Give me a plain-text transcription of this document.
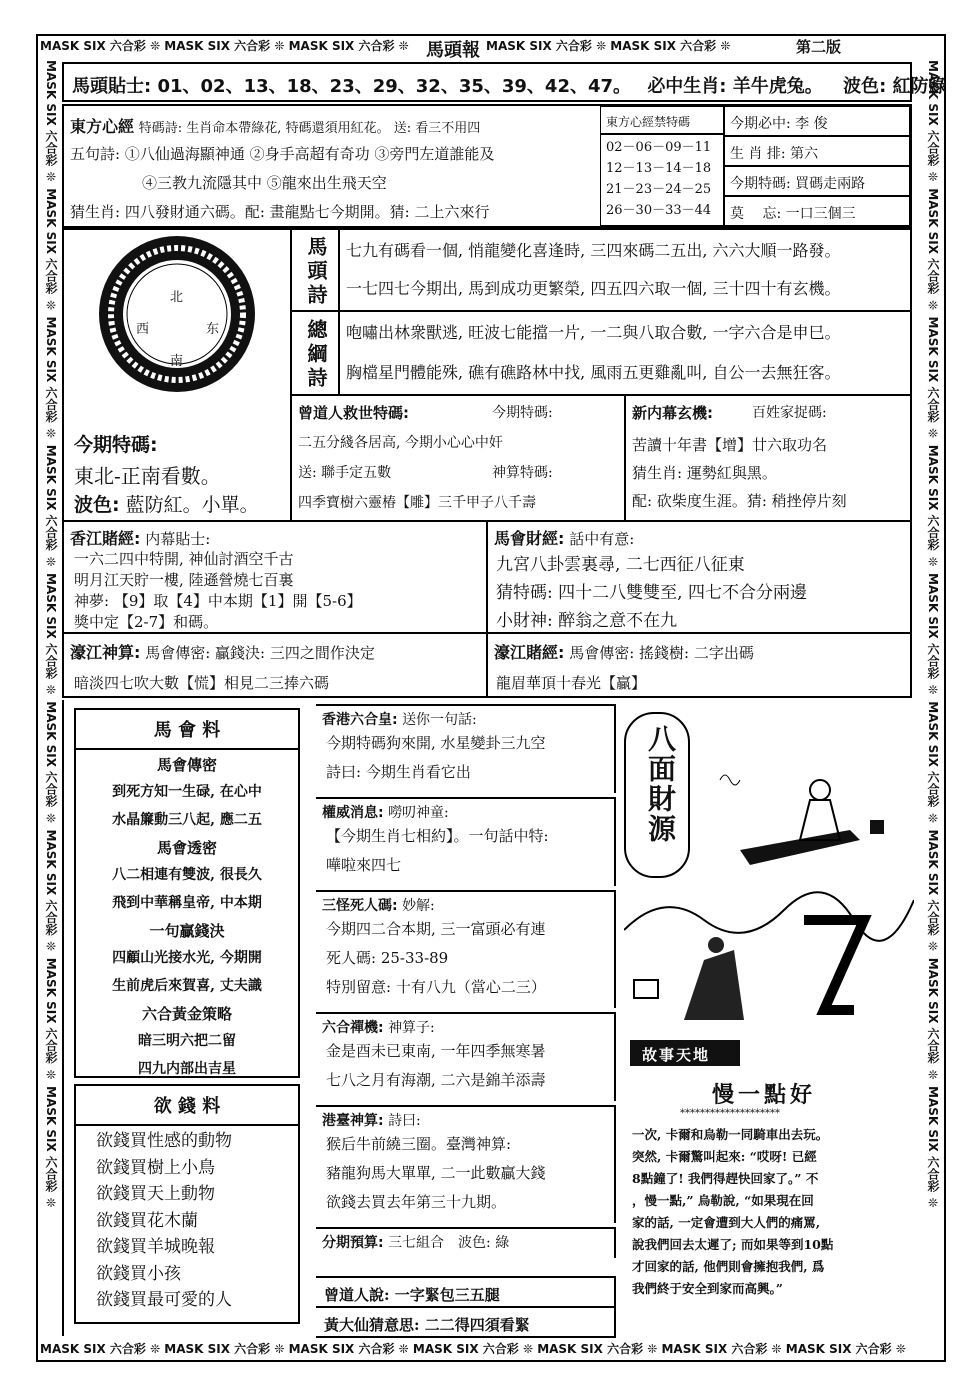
MASK SIX 六合彩 ❊ MASK SIX 六合彩 ❊ MASK SIX 六合彩 ❊	MASK SIX 六合彩 ❊ MASK SIX 六合彩 ❊
MASK SIX 六合彩 ❊ MASK SIX 六合彩 ❊ MASK SIX 六合彩 ❊ MASK SIX 六合彩 ❊ MASK SIX 六合彩 ❊ MASK SIX 六合彩 ❊ MASK SIX 六合彩 ❊
MASK SIX 六合彩 ❊ MASK SIX 六合彩 ❊ MASK SIX 六合彩 ❊ MASK SIX 六合彩 ❊ MASK SIX 六合彩 ❊ MASK SIX 六合彩 ❊ MASK SIX 六合彩 ❊ MASK SIX 六合彩 ❊ MASK SIX 六合彩 ❊
MASK SIX 六合彩 ❊ MASK SIX 六合彩 ❊ MASK SIX 六合彩 ❊ MASK SIX 六合彩 ❊ MASK SIX 六合彩 ❊ MASK SIX 六合彩 ❊ MASK SIX 六合彩 ❊ MASK SIX 六合彩 ❊ MASK SIX 六合彩 ❊
馬頭報	第二版
馬頭貼士: 01、02、13、18、23、29、32、35、39、42、47。 必中生肖: 羊牛虎兔。 波色: 紅防綠
東方心經 特碼詩: 生肖命本帶綠花, 特碼還須用紅花。 送: 看三不用四
五句詩: ①八仙過海顯神通 ②身手高超有奇功 ③旁門左道誰能及
④三教九流隱其中 ⑤龍來出生飛天空
猜生肖: 四八發財通六碼。配: 畫龍點七今期開。猜: 二上六來行
東方心經禁特碼
02－06－09－11
12－13－14－18
21－23－24－25
26－30－33－44
今期必中: 李 俊
生 肖 排: 第六
今期特碼: 買碼走兩路
莫　 忘: 一口三個三
北
西	东
南
今期特碼:
東北-正南看數。
波色: 藍防紅。小單。
馬頭詩 七九有碼看一個, 悄龍變化喜逢時, 三四來碼二五出, 六六大順一路發。
一七四七今期出, 馬到成功更繁榮, 四五四六取一個, 三十四十有玄機。
總綱詩 咆嘯出林衆獸逃, 旺波七能擋一片, 一二與八取合數, 一字六合是申巳。
胸檔星門體能殊, 礁有礁路林中找, 風雨五更雞亂叫, 自公一去無狂客。
曾道人救世特碼:	今期特碼:
二五分綫各居高, 今期小心心中奸
送: 聯手定五數	神算特碼:
四季寶樹六靈椿【雕】三千甲子八千壽
新内幕玄機:	百姓家捉碼:
苦讀十年書【增】廿六取功名
猜生肖: 運勢紅與黑。
配: 砍柴度生涯。猜: 稍挫停片刻
香江賭經: 内幕貼士:
一六二四中特開, 神仙討酒空千古
明月江天貯一樓, 陸遜營燒七百裏
神夢: 【9】取【4】中本期【1】開【5-6】
獎中定【2-7】和碼。
馬會財經: 話中有意:
九宮八卦雲裏尋, 二七西征八征東
猜特碼: 四十二八雙雙至, 四七不合分兩邊
小財神: 醉翁之意不在九
濠江神算: 馬會傳密: 贏錢決: 三四之間作決定
暗淡四七吹大數【慌】相見二三捧六碼
濠江賭經: 馬會傳密: 搖錢樹: 二字出碼
龍眉華頂十春光【贏】
馬 會 料
馬會傳密
到死方知一生碌, 在心中
水晶簾動三八起, 應二五
馬會透密
八二相連有雙波, 很長久
飛到中華稱皇帝, 中本期
一句贏錢決
四顧山光接水光, 今期開
生前虎后來賀喜, 丈夫識
六合黃金策略
暗三明六把二留
四九内部出吉星
欲 錢 料
欲錢買性感的動物
欲錢買樹上小鳥
欲錢買天上動物
欲錢買花木蘭
欲錢買羊城晚報
欲錢買小孩
欲錢買最可愛的人
香港六合皇: 送你一句話:
今期特碼狗來開, 水星變卦三九空
詩曰: 今期生肖看它出
權威消息: 嘮叨神童:
【今期生肖七相約】。一句話中特:
嘩啦來四七
三怪死人碼: 妙解:
今期四二合本期, 三一富頭必有連
死人碼: 25-33-89
特別留意: 十有八九（當心二三）
六合禪機: 神算子:
金是酉未已東南, 一年四季無寒暑
七八之月有海潮, 二六是錦羊添壽
港臺神算: 詩曰:
猴后牛前繞三圈。臺灣神算:
豬龍狗馬大單單, 二一此數贏大錢
欲錢去買去年第三十九期。
分期預算: 三七組合　波色: 綠
曾道人說: 一字緊包三五腿
黃大仙猜意思: 二二得四須看緊
八面財源
故事天地
慢一點好
********************
一次, 卡爾和烏勒一同騎車出去玩。
突然, 卡爾驚叫起來: “哎呀! 已經
8點鐘了! 我們得趕快回家了。” 不
，慢一點,” 烏勒說, “如果現在回
家的話, 一定會遭到大人們的痛罵,
說我們回去太遲了; 而如果等到10點
才回家的話, 他們則會擁抱我們, 爲
我們終于安全到家而高興。”
